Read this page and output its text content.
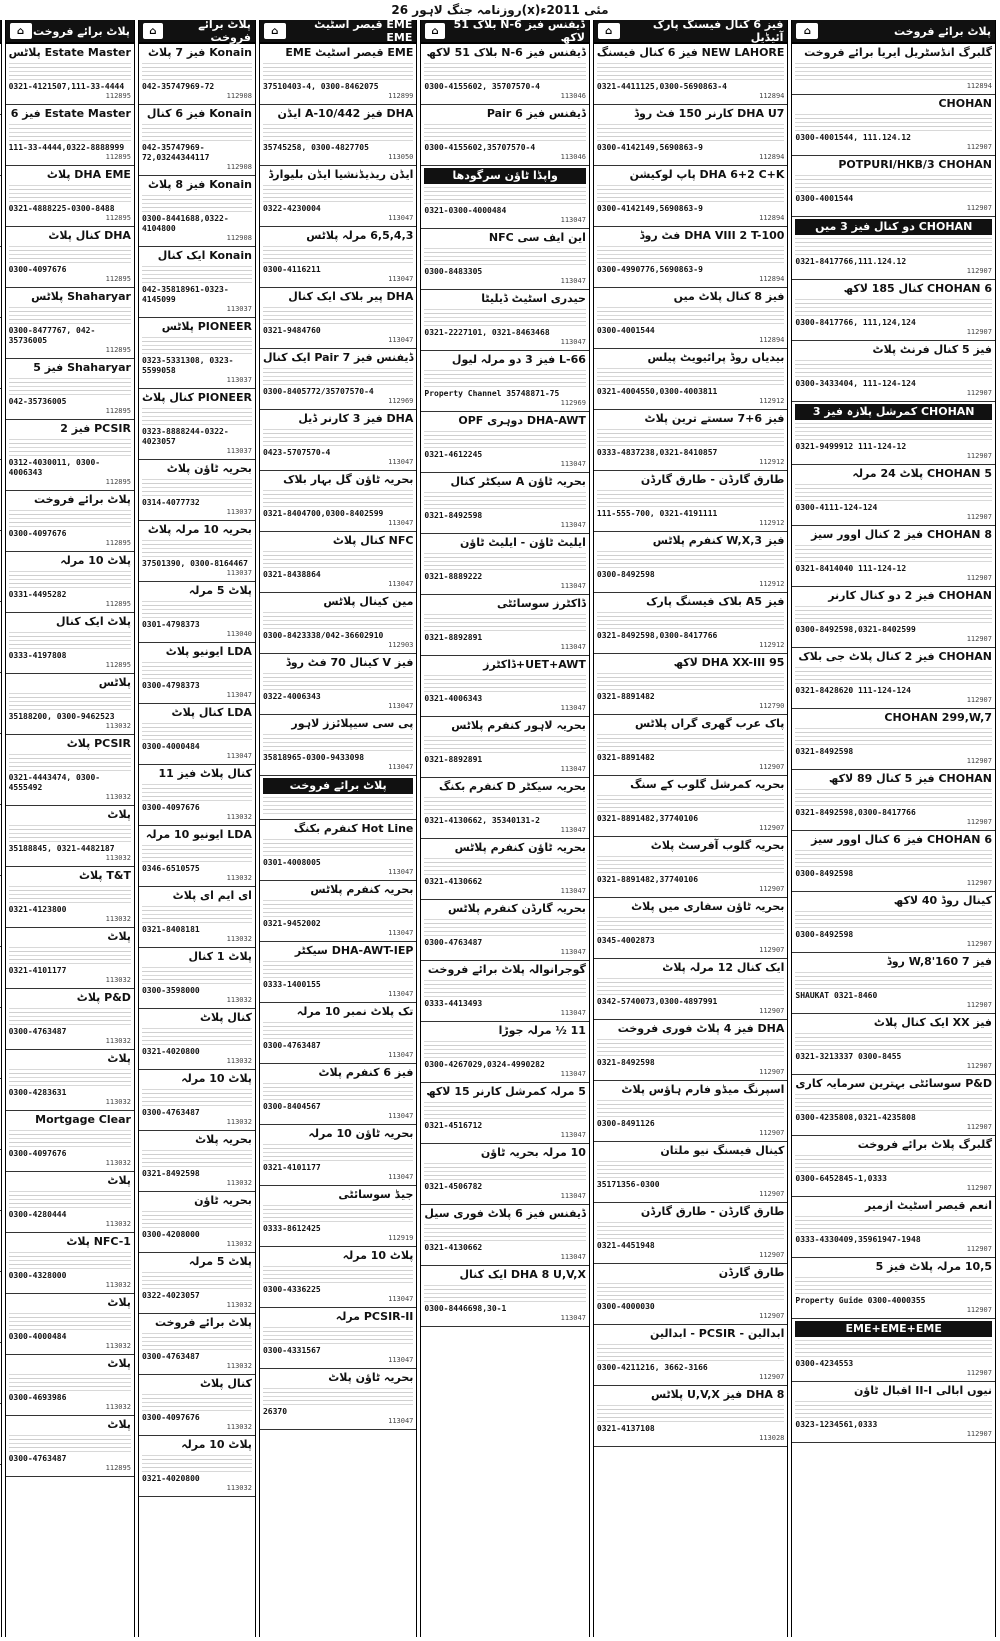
روزنامہ جنگ لاہور 26(x)مئی 2011ء
پلاٹ برائے فروخت
⌂
گلبرگ انڈسٹریل ایریا برائے فروخت
112894
CHOHAN
0300-4001544, 111.124.12
112907
POTPURI/HKB/3 CHOHAN
0300-4001544
112907
CHOHAN دو کنال فیز 3 میں
0321-8417766,111.124.12
112907
CHOHAN 6 کنال 185 لاکھ
0300-8417766, 111,124,124
112907
فیز 5 کنال فرنٹ پلاٹ
0300-3433404, 111-124-124
112907
CHOHAN کمرشل پلازہ فیز 3
0321-9499912 111-124-12
112907
CHOHAN 5 پلاٹ 24 مرلہ
0300-4111-124-124
112907
CHOHAN 8 فیز 2 کنال اوور سیز
0321-8414040 111-124-12
112907
CHOHAN فیز 2 دو کنال کارنر
0300-8492598,0321-8402599
112907
CHOHAN فیز 2 کنال پلاٹ جی بلاک
0321-8428620 111-124-124
112907
CHOHAN 299,W,7
0321-8492598
112907
CHOHAN فیز 5 کنال 89 لاکھ
0321-8492598,0300-8417766
112907
CHOHAN 6 فیز 6 کنال اوور سیز
0300-8492598
112907
کینال روڈ 40 لاکھ
0300-8492598
112907
فیز 7 160'W,8 روڈ
SHAUKAT 0321-8460
112907
فیز XX ایک کنال پلاٹ
0321-3213337 0300-8455
112907
P&D سوسائٹی بہترین سرمایہ کاری
0300-4235808,0321-4235808
112907
گلبرگ پلاٹ برائے فروخت
0300-6452845-1,0333
112907
انعم قیصر اسٹیٹ ازمیر
0333-4330409,35961947-1948
112907
10,5 مرلہ پلاٹ فیز 5
Property Guide 0300-4000355
112907
EME+EME+EME
0300-4234553
112907
نیوں ابالی II-I اقبال ٹاؤن
0323-1234561,0333
112907
فیز 6 کنال فیسنگ پارک آئیڈیل
⌂
NEW LAHORE فیز 6 کنال فیسنگ
0321-4411125,0300-5690863-4
112894
DHA U7 کارنر 150 فٹ روڈ
0300-4142149,5690863-9
112894
DHA 6+2 C+K پاپ لوکیشن
0300-4142149,5690863-9
112894
DHA VIII 2 T-100 فٹ روڈ
0300-4990776,5690863-9
112894
فیز 8 کنال پلاٹ میں
0300-4001544
112894
بیدیاں روڈ پرائیویٹ پیلس
0321-4004550,0300-4003811
112912
فیز 6+7 سستے ترین پلاٹ
0333-4837238,0321-8410857
112912
طارق گارڈن - طارق گارڈن
111-555-700, 0321-4191111
112912
فیز W,X,3 کنفرم پلاٹس
0300-8492598
112912
فیز A5 بلاک فیسنگ پارک
0321-8492598,0300-8417766
112912
DHA XX-III 95 لاکھ
0321-8891482
112790
پاک عرب گھری گراں پلاٹس
0321-8891482
112907
بحریہ کمرشل گلوب کے سنگ
0321-8891482,37740106
112907
بحریہ گلوب آفرسٹ پلاٹ
0321-8891482,37740106
112907
بحریہ ٹاؤن سفاری میں پلاٹ
0345-4002873
112907
ایک کنال 12 مرلہ پلاٹ
0342-5740073,0300-4897991
112907
DHA فیز 4 پلاٹ فوری فروخت
0321-8492598
112907
اسپرنگ میڈو فارم ہاؤس پلاٹ
0300-8491126
112907
کینال فیسنگ نیو ملتان
35171356-0300
112907
طارق گارڈن - طارق گارڈن
0321-4451948
112907
طارق گارڈن
0300-4000030
112907
ابدالین - PCSIR - ابدالین
0300-4211216, 3662-3166
112907
DHA 8 فیز U,V,X پلاٹس
0321-4137108
113028
ڈیفنس فیز 6-N بلاک 51 لاکھ
⌂
ڈیفنس فیز 6-N بلاک 51 لاکھ
0300-4155602, 35707570-4
113046
ڈیفنس فیز 6 Pair
0300-4155602,35707570-4
113046
واپڈا ٹاؤن سرگودھا
0321-0300-4000484
113047
این ایف سی NFC
0300-8483305
113047
حیدری اسٹیٹ ڈیلیٹا
0321-2227101, 0321-8463468
113047
L-66 فیز 3 دو مرلہ لیول
Property Channel 35748871-75
112969
DHA-AWT دوہری OPF
0321-4612245
113047
بحریہ ٹاؤن A سیکٹر کنال
0321-8492598
113047
ایلیٹ ٹاؤن - ایلیٹ ٹاؤن
0321-8889222
113047
ڈاکٹرز سوسائٹی
0321-8892891
113047
UET+AWT+ڈاکٹرز
0321-4006343
113047
بحریہ لاہور کنفرم پلاٹس
0321-8892891
113047
بحریہ سیکٹر D کنفرم بکنگ
0321-4130662, 35340131-2
113047
بحریہ ٹاؤن کنفرم پلاٹس
0321-4130662
113047
بحریہ گارڈن کنفرم پلاٹس
0300-4763487
113047
گوجرانوالہ پلاٹ برائے فروخت
0333-4413493
113047
11 ½ مرلہ جوڑا
0300-4267029,0324-4990282
113047
5 مرلہ کمرشل کارنر 15 لاکھ
0321-4516712
113047
10 مرلہ بحریہ ٹاؤن
0321-4506782
113047
ڈیفنس فیز 6 پلاٹ فوری سیل
0321-4130662
113047
DHA 8 U,V,X ایک کنال
0300-8446698,30-1
113047
EME قیصر اسٹیٹ EME
⌂
EME قیصر اسٹیٹ EME
37510403-4, 0300-8462075
112899
DHA فیز 10/442-A ایڈن
35745258, 0300-4827705
113050
ایڈن ریذیڈنشیا ایڈن بلیوارڈ
0322-4230004
113047
6,5,4,3 مرلہ پلاٹس
0300-4116211
113047
DHA پیر بلاک ایک کنال
0321-9484760
113047
ڈیفنس فیز 7 Pair ایک کنال
0300-8405772/35707570-4
112969
DHA فیز 3 کارنر ڈیل
0423-5707570-4
113047
بحریہ ٹاؤن گل بہار بلاک
0321-8404700,0300-8402599
113047
NFC کنال پلاٹ
0321-8438864
113047
مین کینال پلاٹس
0300-8423338/042-36602910
112903
فیز V کینال 70 فٹ روڈ
0322-4006343
113047
پی سی سیپلائزز لاہور
35818965-0300-9433098
113047
پلاٹ برائے فروخت
Hot Line کنفرم بکنگ
0301-4008005
113047
بحریہ کنفرم پلاٹس
0321-9452002
113047
DHA-AWT-IEP سیکٹر
0333-1400155
113047
تک پلاٹ نمبر 10 مرلہ
0300-4763487
113047
فیز 6 کنفرم پلاٹ
0300-8404567
113047
بحریہ ٹاؤن 10 مرلہ
0321-4101177
113047
جیڈ سوسائٹی
0333-8612425
112919
پلاٹ 10 مرلہ
0300-4336225
113047
PCSIR-II مرلہ
0300-4331567
113047
بحریہ ٹاؤن پلاٹ
26370
113047
پلاٹ برائے فروخت
⌂
Konain فیز 7 پلاٹ
042-35747969-72
112908
Konain فیز 6 کنال
042-35747969-72,03244344117
112908
Konain فیز 8 پلاٹ
0300-8441688,0322-4104800
112908
Konain ایک کنال
042-35818961-0323-4145099
113037
PIONEER پلاٹس
0323-5331308, 0323-5599058
113037
PIONEER کنال پلاٹ
0323-8888244-0322-4023057
113037
بحریہ ٹاؤن پلاٹ
0314-4077732
113037
بحریہ 10 مرلہ پلاٹ
37501390, 0300-8164467
113037
پلاٹ 5 مرلہ
0301-4798373
113040
LDA ایونیو پلاٹ
0300-4798373
113047
LDA کنال پلاٹ
0300-4000484
113047
کنال پلاٹ فیز 11
0300-4097676
113032
LDA ایونیو 10 مرلہ
0346-6510575
113032
ای ایم ای پلاٹ
0321-8408181
113032
پلاٹ 1 کنال
0300-3598000
113032
کنال پلاٹ
0321-4020800
113032
پلاٹ 10 مرلہ
0300-4763487
113032
بحریہ پلاٹ
0321-8492598
113032
بحریہ ٹاؤن
0300-4208000
113032
پلاٹ 5 مرلہ
0322-4023057
113032
پلاٹ برائے فروخت
0300-4763487
113032
کنال پلاٹ
0300-4097676
113032
پلاٹ 10 مرلہ
0321-4020800
113032
پلاٹ برائے فروخت
⌂
Estate Master پلاٹس
0321-4121507,111-33-4444
112895
Estate Master فیز 6
111-33-4444,0322-8888999
112895
DHA EME پلاٹ
0321-4888225-0300-8488
112895
DHA کنال پلاٹ
0300-4097676
112895
Shaharyar پلاٹس
0300-8477767, 042-35736005
112895
Shaharyar فیز 5
042-35736005
112895
PCSIR فیز 2
0312-4030011, 0300-4006343
112895
پلاٹ برائے فروخت
0300-4097676
112895
پلاٹ 10 مرلہ
0331-4495282
112895
پلاٹ ایک کنال
0333-4197808
112895
پلاٹس
35188200, 0300-9462523
113032
PCSIR پلاٹ
0321-4443474, 0300-4555492
113032
پلاٹ
35188845, 0321-4482187
113032
T&T پلاٹ
0321-4123800
113032
پلاٹ
0321-4101177
113032
P&D پلاٹ
0300-4763487
113032
پلاٹ
0300-4283631
113032
Mortgage Clear
0300-4097676
113032
پلاٹ
0300-4280444
113032
NFC-1 پلاٹ
0300-4328000
113032
پلاٹ
0300-4000484
113032
پلاٹ
0300-4693986
113032
پلاٹ
0300-4763487
112895
